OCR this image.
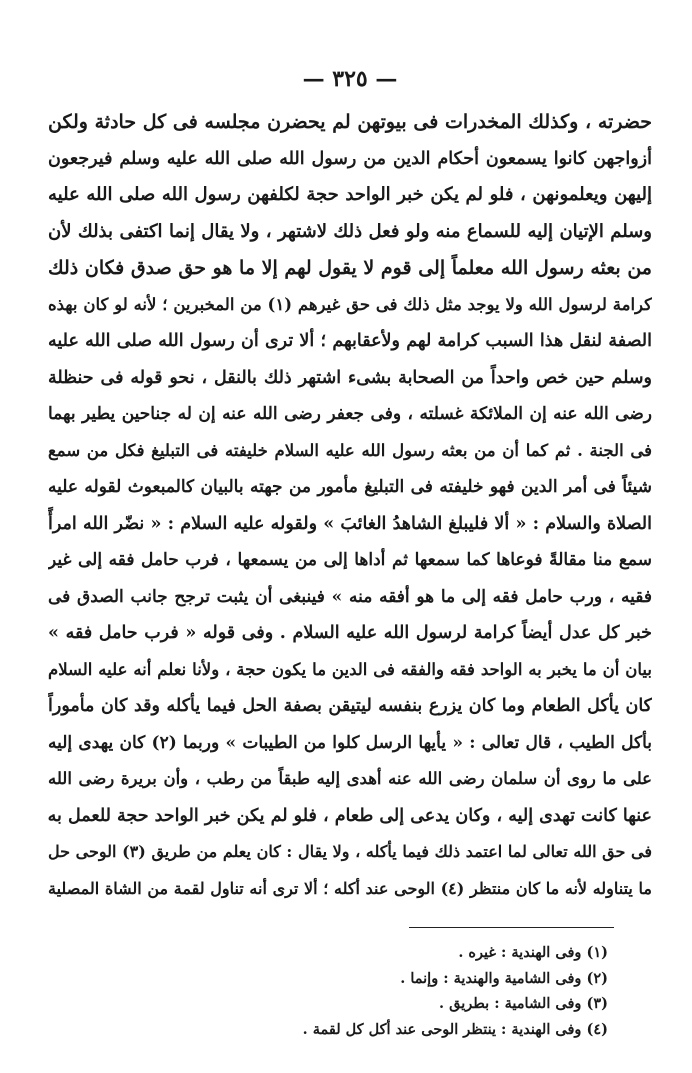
— ٣٢٥ —
حضرته ، وكذلك المخدرات فى بيوتهن لم يحضرن مجلسه فى كل حادثة ولكن
أزواجهن كانوا يسمعون أحكام الدين من رسول الله صلى الله عليه وسلم فيرجعون
إليهن ويعلمونهن ، فلو لم يكن خبر الواحد حجة لكلفهن رسول الله صلى الله عليه
وسلم الإتيان إليه للسماع منه ولو فعل ذلك لاشتهر ، ولا يقال إنما اكتفى بذلك لأن
من بعثه رسول الله معلماً إلى قوم لا يقول لهم إلا ما هو حق صدق فكان ذلك
كرامة لرسول الله ولا يوجد مثل ذلك فى حق غيرهم (١) من المخبرين ؛ لأنه لو كان بهذه
الصفة لنقل هذا السبب كرامة لهم ولأعقابهم ؛ ألا ترى أن رسول الله صلى الله عليه
وسلم حين خص واحداً من الصحابة بشىء اشتهر ذلك بالنقل ، نحو قوله فى حنظلة
رضى الله عنه إن الملائكة غسلته ، وفى جعفر رضى الله عنه إن له جناحين يطير بهما
فى الجنة . ثم كما أن من بعثه رسول الله عليه السلام خليفته فى التبليغ فكل من سمع
شيئاً فى أمر الدين فهو خليفته فى التبليغ مأمور من جهته بالبيان كالمبعوث لقوله عليه
الصلاة والسلام : « ألا فليبلغ الشاهدُ الغائبَ » ولقوله عليه السلام : « نضّر الله امرأً
سمع منا مقالةً فوعاها كما سمعها ثم أداها إلى من يسمعها ، فرب حامل فقه إلى غير
فقيه ، ورب حامل فقه إلى ما هو أفقه منه » فينبغى أن يثبت ترجح جانب الصدق فى
خبر كل عدل أيضاً كرامة لرسول الله عليه السلام . وفى قوله « فرب حامل فقه »
بيان أن ما يخبر به الواحد فقه والفقه فى الدين ما يكون حجة ، ولأنا نعلم أنه عليه السلام
كان يأكل الطعام وما كان يزرع بنفسه ليتيقن بصفة الحل فيما يأكله وقد كان مأموراً
بأكل الطيب ، قال تعالى : « يأيها الرسل كلوا من الطيبات » وربما (٢) كان يهدى إليه
على ما روى أن سلمان رضى الله عنه أهدى إليه طبقاً من رطب ، وأن بريرة رضى الله
عنها كانت تهدى إليه ، وكان يدعى إلى طعام ، فلو لم يكن خبر الواحد حجة للعمل به
فى حق الله تعالى لما اعتمد ذلك فيما يأكله ، ولا يقال : كان يعلم من طريق (٣) الوحى حل
ما يتناوله لأنه ما كان منتظر (٤) الوحى عند أكله ؛ ألا ترى أنه تناول لقمة من الشاة المصلية
(١) وفى الهندية : غيره .
(٢) وفى الشامية والهندية : وإنما .
(٣) وفى الشامية : بطريق .
(٤) وفى الهندية : ينتظر الوحى عند أكل كل لقمة .
